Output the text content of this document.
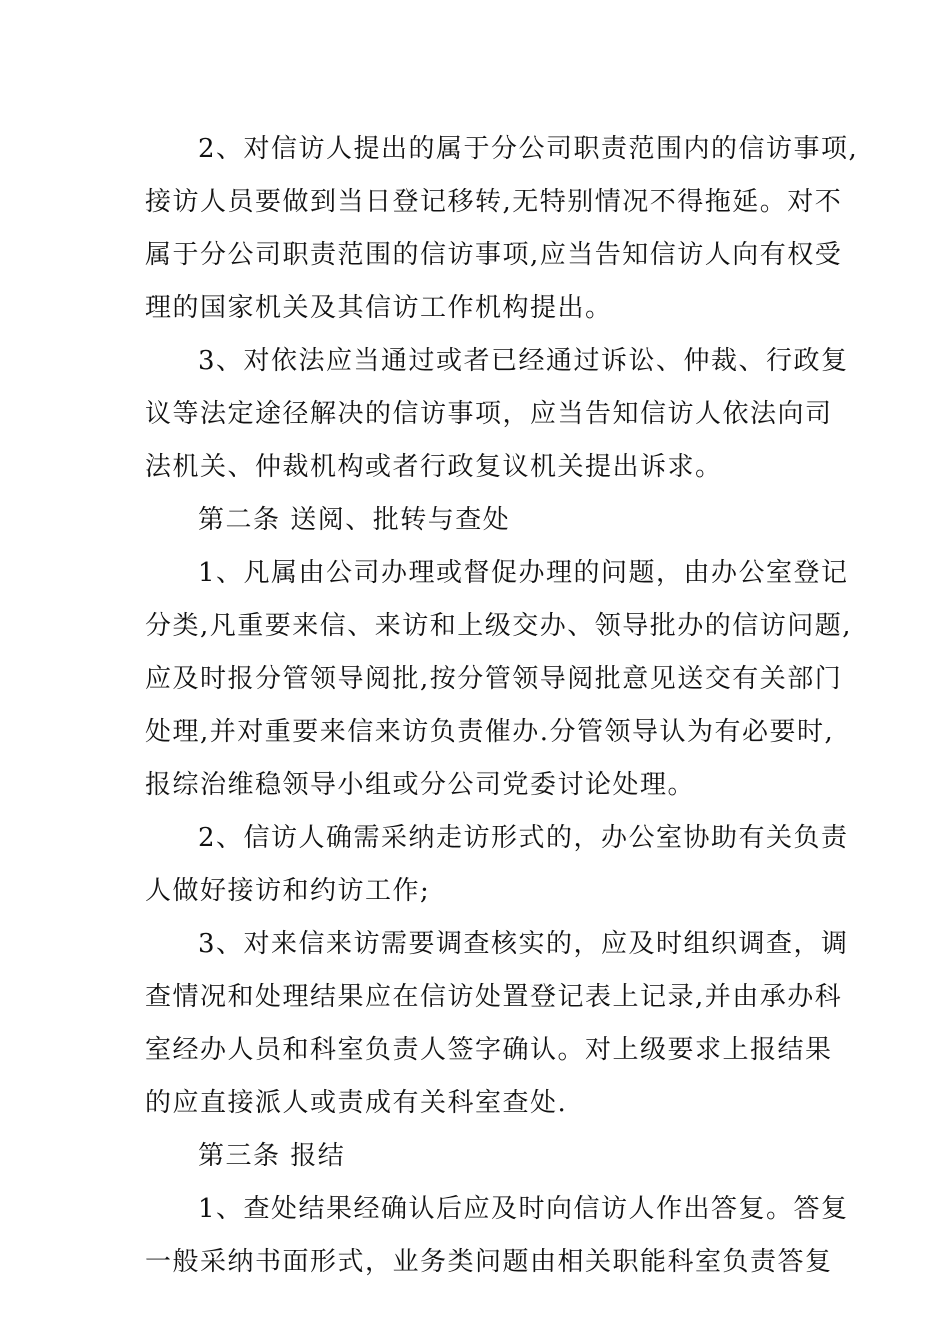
2、对信访人提出的属于分公司职责范围内的信访事项,
接访人员要做到当日登记移转,无特别情况不得拖延。对不
属于分公司职责范围的信访事项,应当告知信访人向有权受
理的国家机关及其信访工作机构提出。
3、对依法应当通过或者已经通过诉讼、仲裁、行政复
议等法定途径解决的信访事项，应当告知信访人依法向司
法机关、仲裁机构或者行政复议机关提出诉求。
第二条 送阅、批转与查处
1、凡属由公司办理或督促办理的问题，由办公室登记
分类,凡重要来信、来访和上级交办、领导批办的信访问题,
应及时报分管领导阅批,按分管领导阅批意见送交有关部门
处理,并对重要来信来访负责催办.分管领导认为有必要时,
报综治维稳领导小组或分公司党委讨论处理。
2、信访人确需采纳走访形式的，办公室协助有关负责
人做好接访和约访工作;
3、对来信来访需要调查核实的，应及时组织调查，调
查情况和处理结果应在信访处置登记表上记录,并由承办科
室经办人员和科室负责人签字确认。对上级要求上报结果
的应直接派人或责成有关科室查处.
第三条 报结
1、查处结果经确认后应及时向信访人作出答复。答复
一般采纳书面形式，业务类问题由相关职能科室负责答复
